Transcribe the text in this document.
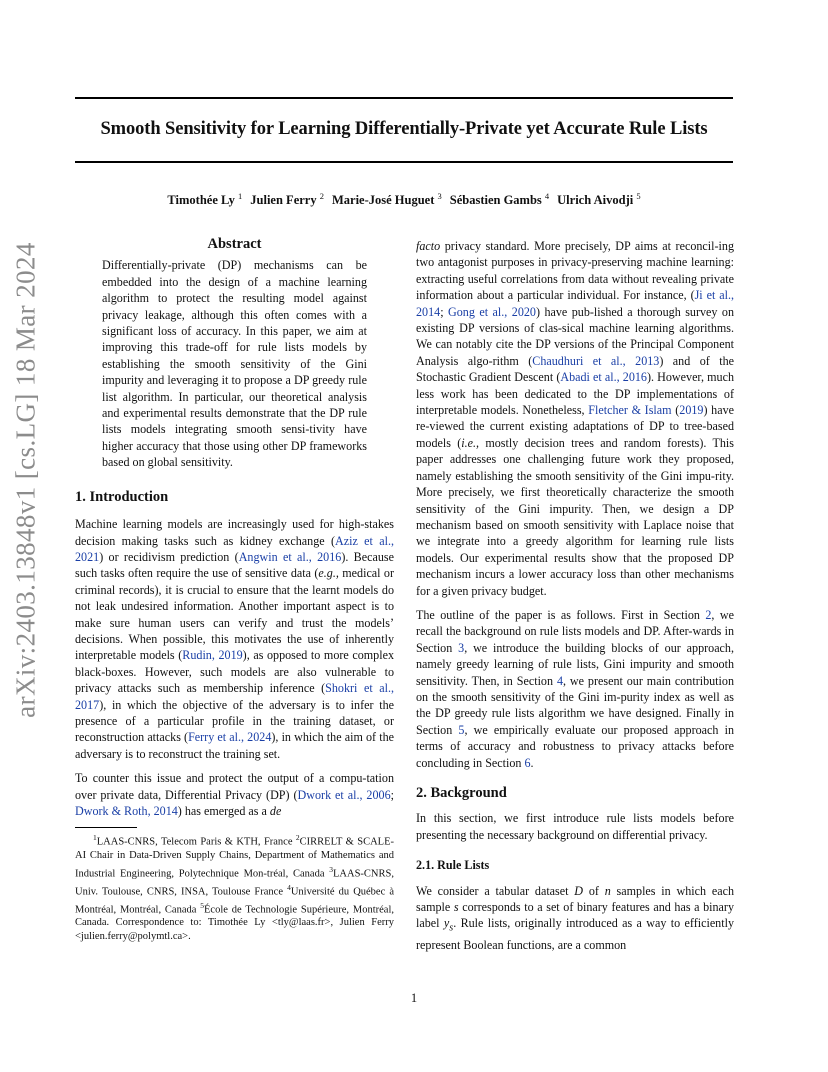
arXiv:2403.13848v1 [cs.LG] 18 Mar 2024
Smooth Sensitivity for Learning Differentially-Private yet Accurate Rule Lists
Timothée Ly $^1$ Julien Ferry $^2$ Marie-José Huguet $^3$ Sébastien Gambs $^4$ Ulrich Aivodji $^5$
Abstract

Differentially-private (DP) mechanisms can be embedded into the design of a machine learning algorithm to protect the resulting model against privacy leakage, although this often comes with a significant loss of accuracy. In this paper, we aim at improving this trade-off for rule lists models by establishing the smooth sensitivity of the Gini impurity and leveraging it to propose a DP greedy rule list algorithm. In particular, our theoretical analysis and experimental results demonstrate that the DP rule lists models integrating smooth sensi-tivity have higher accuracy that those using other DP frameworks based on global sensitivity.

1. Introduction

Machine learning models are increasingly used for high-stakes decision making tasks such as kidney exchange (Aziz et al., 2021) or recidivism prediction (Angwin et al., 2016). Because such tasks often require the use of sensitive data (e.g., medical or criminal records), it is crucial to ensure that the learnt models do not leak undesired information. Another important aspect is to make sure human users can verify and trust the models’ decisions. When possible, this motivates the use of inherently interpretable models (Rudin, 2019), as opposed to more complex black-boxes. However, such models are also vulnerable to privacy attacks such as membership inference (Shokri et al., 2017), in which the objective of the adversary is to infer the presence of a particular profile in the training dataset, or reconstruction attacks (Ferry et al., 2024), in which the aim of the adversary is to reconstruct the training set.

To counter this issue and protect the output of a compu-tation over private data, Differential Privacy (DP) (Dwork et al., 2006; Dwork & Roth, 2014) has emerged as a de

$^1$LAAS-CNRS, Telecom Paris & KTH, France $^2$CIRRELT & SCALE-AI Chair in Data-Driven Supply Chains, Department of Mathematics and Industrial Engineering, Polytechnique Mon-tréal, Canada $^3$LAAS-CNRS, Univ. Toulouse, CNRS, INSA, Toulouse France $^4$Université du Québec à Montréal, Montréal, Canada $^5$École de Technologie Supérieure, Montréal, Canada. Correspondence to: Timothée Ly <tly@laas.fr>, Julien Ferry <julien.ferry@polymtl.ca>.

facto privacy standard. More precisely, DP aims at reconcil-ing two antagonist purposes in privacy-preserving machine learning: extracting useful correlations from data without revealing private information about a particular individual. For instance, (Ji et al., 2014; Gong et al., 2020) have pub-lished a thorough survey on existing DP versions of clas-sical machine learning algorithms. We can notably cite the DP versions of the Principal Component Analysis algo-rithm (Chaudhuri et al., 2013) and of the Stochastic Gradient Descent (Abadi et al., 2016). However, much less work has been dedicated to the DP implementations of interpretable models. Nonetheless, Fletcher & Islam (2019) have re-viewed the current existing adaptations of DP to tree-based models (i.e., mostly decision trees and random forests). This paper addresses one challenging future work they proposed, namely establishing the smooth sensitivity of the Gini impu-rity. More precisely, we first theoretically characterize the smooth sensitivity of the Gini impurity. Then, we design a DP mechanism based on smooth sensitivity with Laplace noise that we integrate into a greedy algorithm for learning rule lists models. Our experimental results show that the proposed DP mechanism incurs a lower accuracy loss than other mechanisms for a given privacy budget.

The outline of the paper is as follows. First in Section 2, we recall the background on rule lists models and DP. After-wards in Section 3, we introduce the building blocks of our approach, namely greedy learning of rule lists, Gini impurity and smooth sensitivity. Then, in Section 4, we present our main contribution on the smooth sensitivity of the Gini im-purity index as well as the DP greedy rule lists algorithm we have designed. Finally in Section 5, we empirically evaluate our proposed approach in terms of accuracy and robustness to privacy attacks before concluding in Section 6.

2. Background

In this section, we first introduce rule lists models before presenting the necessary background on differential privacy.

2.1. Rule Lists

We consider a tabular dataset D of n samples in which each sample s corresponds to a set of binary features and has a binary label $y_s$. Rule lists, originally introduced as a way to efficiently represent Boolean functions, are a common

1
